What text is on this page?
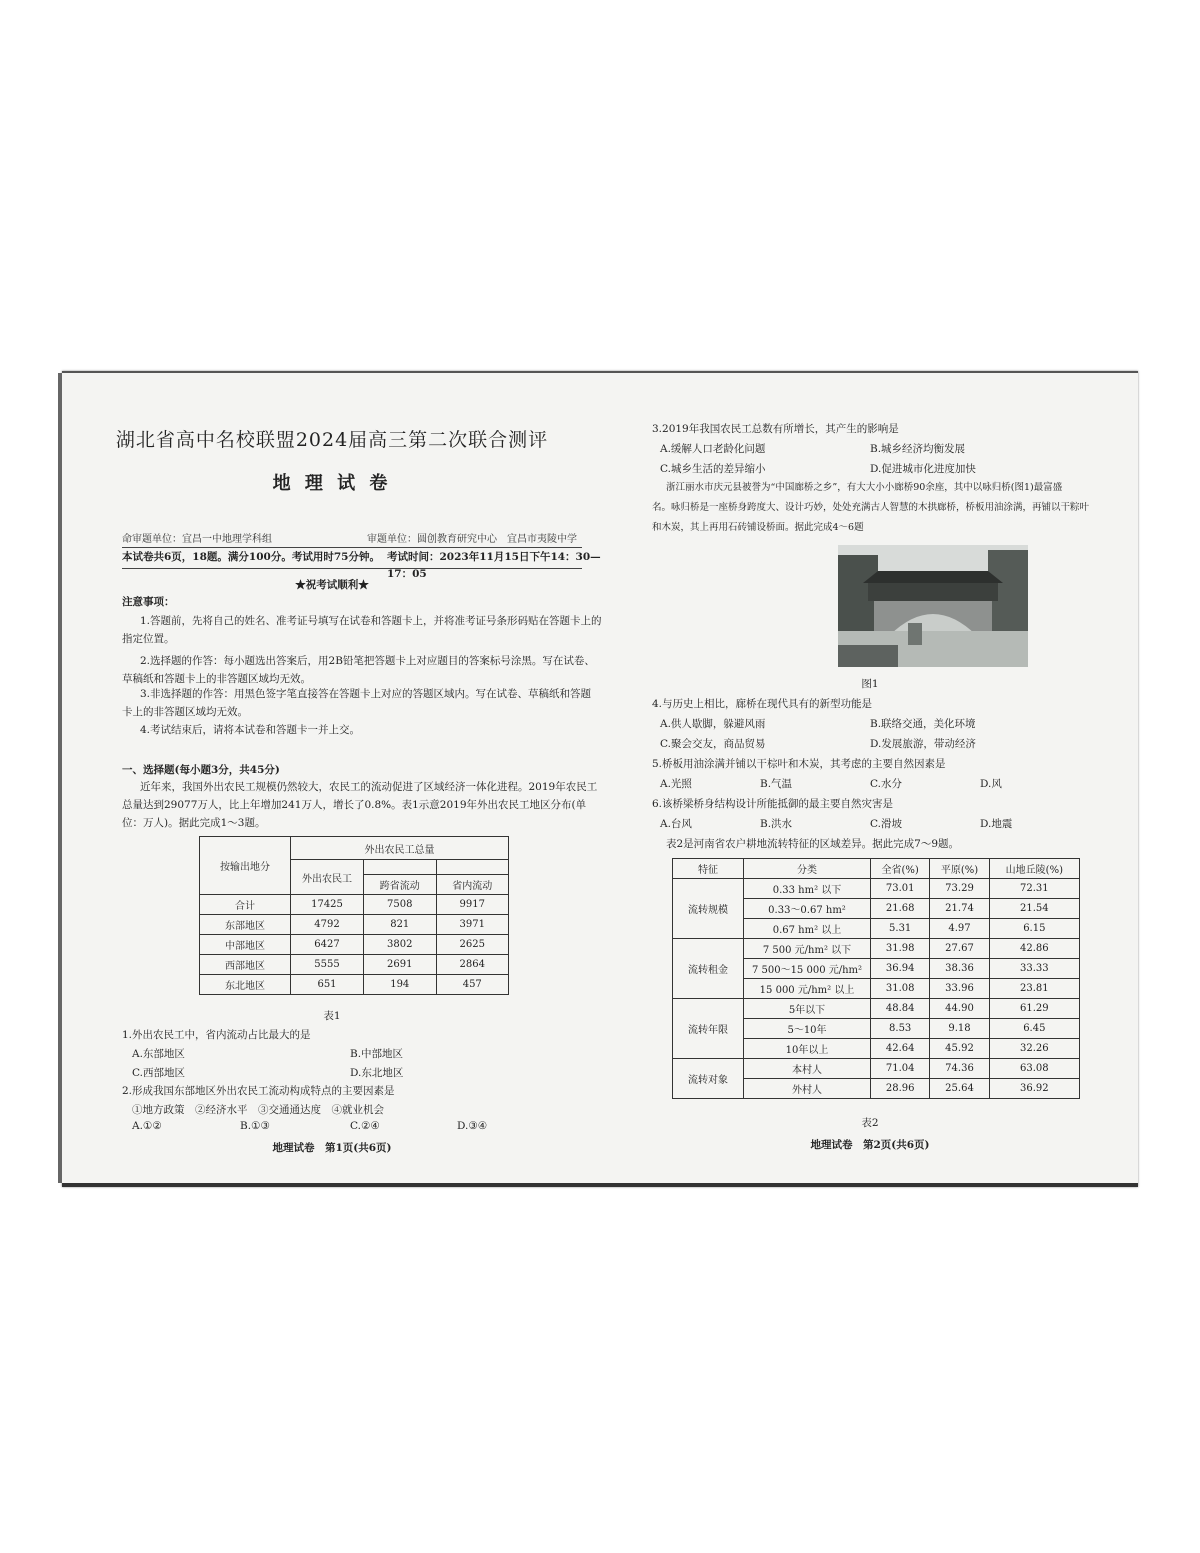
湖北省高中名校联盟2024届高三第二次联合测评
地 理 试 卷
命审题单位：宜昌一中地理学科组	审题单位：圆创教育研究中心　宜昌市夷陵中学
本试卷共6页，18题。满分100分。考试用时75分钟。 考试时间：2023年11月15日下午14：30—17：05
★祝考试顺利★
注意事项：
1.答题前，先将自己的姓名、准考证号填写在试卷和答题卡上，并将准考证号条形码贴在答题卡上的
指定位置。
2.选择题的作答：每小题选出答案后，用2B铅笔把答题卡上对应题目的答案标号涂黑。写在试卷、
草稿纸和答题卡上的非答题区域均无效。
3.非选择题的作答：用黑色签字笔直接答在答题卡上对应的答题区域内。写在试卷、草稿纸和答题
卡上的非答题区域均无效。
4.考试结束后，请将本试卷和答题卡一并上交。
一、选择题(每小题3分，共45分)
近年来，我国外出农民工规模仍然较大，农民工的流动促进了区域经济一体化进程。2019年农民工
总量达到29077万人，比上年增加241万人，增长了0.8%。表1示意2019年外出农民工地区分布(单
位：万人)。据此完成1～3题。
按输出地分	外出农民工总量		
	外出农民工		
		跨省流动	省内流动
合计	17425	7508	9917
东部地区	4792	821	3971
中部地区	6427	3802	2625
西部地区	5555	2691	2864
东北地区	651	194	457
表1
1.外出农民工中，省内流动占比最大的是
A.东部地区	B.中部地区
C.西部地区	D.东北地区
2.形成我国东部地区外出农民工流动构成特点的主要因素是
①地方政策　②经济水平　③交通通达度　④就业机会
A.①②	B.①③	C.②④	D.③④
地理试卷　第1页(共6页)
3.2019年我国农民工总数有所增长，其产生的影响是
A.缓解人口老龄化问题	B.城乡经济均衡发展
C.城乡生活的差异缩小	D.促进城市化进度加快
浙江丽水市庆元县被誉为“中国廊桥之乡”，有大大小小廊桥90余座，其中以咏归桥(图1)最富盛
名。咏归桥是一座桥身跨度大、设计巧妙，处处充满古人智慧的木拱廊桥，桥板用油涂满，再铺以干粽叶
和木炭，其上再用石砖铺设桥面。据此完成4～6题
图1
4.与历史上相比，廊桥在现代具有的新型功能是
A.供人歇脚，躲避风雨	B.联络交通，美化环境
C.聚会交友，商品贸易	D.发展旅游，带动经济
5.桥板用油涂满并铺以干棕叶和木炭，其考虑的主要自然因素是
A.光照	B.气温	C.水分	D.风
6.该桥梁桥身结构设计所能抵御的最主要自然灾害是
A.台风	B.洪水	C.滑坡	D.地震
表2是河南省农户耕地流转特征的区域差异。据此完成7～9题。
特征	分类	全省(%)	平原(%)	山地丘陵(%)
流转规模	0.33 hm² 以下	73.01	73.29	72.31
	0.33～0.67 hm²	21.68	21.74	21.54
	0.67 hm² 以上	5.31	4.97	6.15
流转租金	7 500 元/hm² 以下	31.98	27.67	42.86
	7 500～15 000 元/hm²	36.94	38.36	33.33
	15 000 元/hm² 以上	31.08	33.96	23.81
流转年限	5年以下	48.84	44.90	61.29
	5～10年	8.53	9.18	6.45
	10年以上	42.64	45.92	32.26
流转对象	本村人	71.04	74.36	63.08
	外村人	28.96	25.64	36.92
表2
地理试卷　第2页(共6页)
